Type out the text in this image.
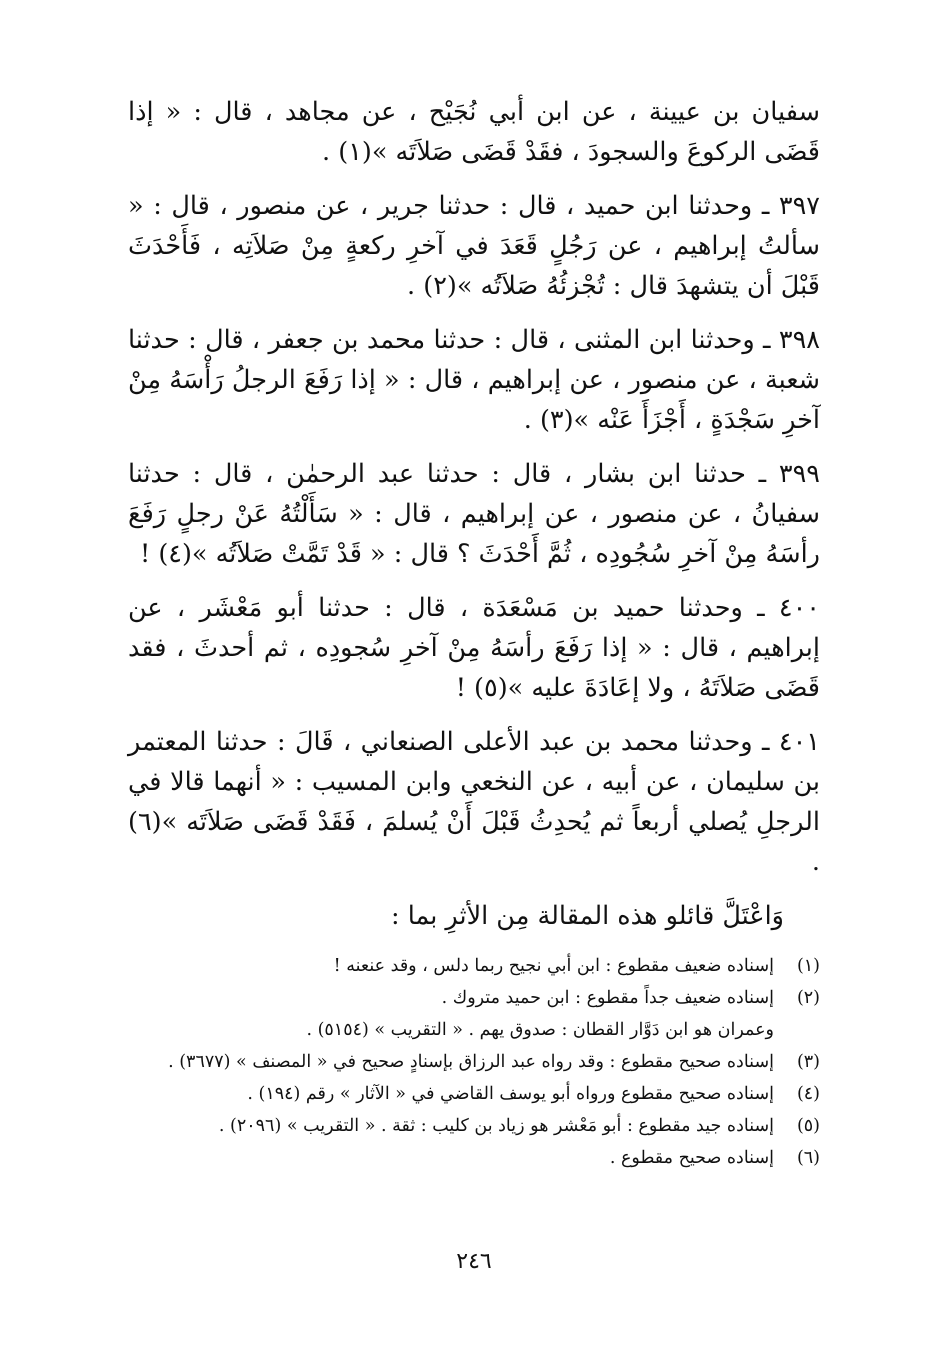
سفيان بن عيينة ، عن ابن أبي نُجَيْح ، عن مجاهد ، قال : « إذا قَضَى الركوعَ والسجودَ ، فقَدْ قَضَى صَلاَتَه »(١) .

٣٩٧ ـ وحدثنا ابن حميد ، قال : حدثنا جرير ، عن منصور ، قال : « سألتُ إبراهيم ، عن رَجُلٍ قَعَدَ في آخرِ ركعةٍ مِنْ صَلاَتِه ، فَأَحْدَثَ قَبْلَ أن يتشهدَ قال : تُجْزئُهُ صَلاَتُه »(٢) .

٣٩٨ ـ وحدثنا ابن المثنى ، قال : حدثنا محمد بن جعفر ، قال : حدثنا شعبة ، عن منصور ، عن إبراهيم ، قال : « إذا رَفَعَ الرجلُ رَأْسَهُ مِنْ آخرِ سَجْدَةٍ ، أَجْزَأَ عَنْه »(٣) .

٣٩٩ ـ حدثنا ابن بشار ، قال : حدثنا عبد الرحمٰن ، قال : حدثنا سفيانُ ، عن منصور ، عن إبراهيم ، قال : « سَأَلْتُهُ عَنْ رجلٍ رَفَعَ رأسَهُ مِنْ آخرِ سُجُودِه ، ثُمَّ أَحْدَثَ ؟ قال : « قَدْ تَمَّتْ صَلاَتُه »(٤) !

٤٠٠ ـ وحدثنا حميد بن مَسْعَدَة ، قال : حدثنا أبو مَعْشَر ، عن إبراهيم ، قال : « إذا رَفَعَ رأسَهُ مِنْ آخرِ سُجودِه ، ثم أحدثَ ، فقد قَضَى صَلاَتَهُ ، ولا إعَادَةَ عليه »(٥) !

٤٠١ ـ وحدثنا محمد بن عبد الأعلى الصنعاني ، قَالَ : حدثنا المعتمر بن سليمان ، عن أبيه ، عن النخعي وابن المسيب : « أنهما قالا في الرجلِ يُصلي أربعاً ثم يُحدِثُ قَبْلَ أَنْ يُسلمَ ، فَقَدْ قَضَى صَلاَتَه »(٦) .

وَاعْتَلَّ قائلو هذه المقالة مِن الأثرِ بما :

(١)
إسناده ضعيف مقطوع : ابن أبي نجيح ربما دلس ، وقد عنعنه !
(٢)
إسناده ضعيف جداً مقطوع : ابن حميد متروك .
وعمران هو ابن دَوَّار القطان : صدوق يهم . « التقريب » (٥١٥٤) .
(٣)
إسناده صحيح مقطوع : وقد رواه عبد الرزاق بإسنادٍ صحيح في « المصنف » (٣٦٧٧) .
(٤)
إسناده صحيح مقطوع ورواه أبو يوسف القاضي في « الآثار » رقم (١٩٤) .
(٥)
إسناده جيد مقطوع : أبو مَعْشر هو زياد بن كليب : ثقة . « التقريب » (٢٠٩٦) .
(٦)
إسناده صحيح مقطوع .
٢٤٦
